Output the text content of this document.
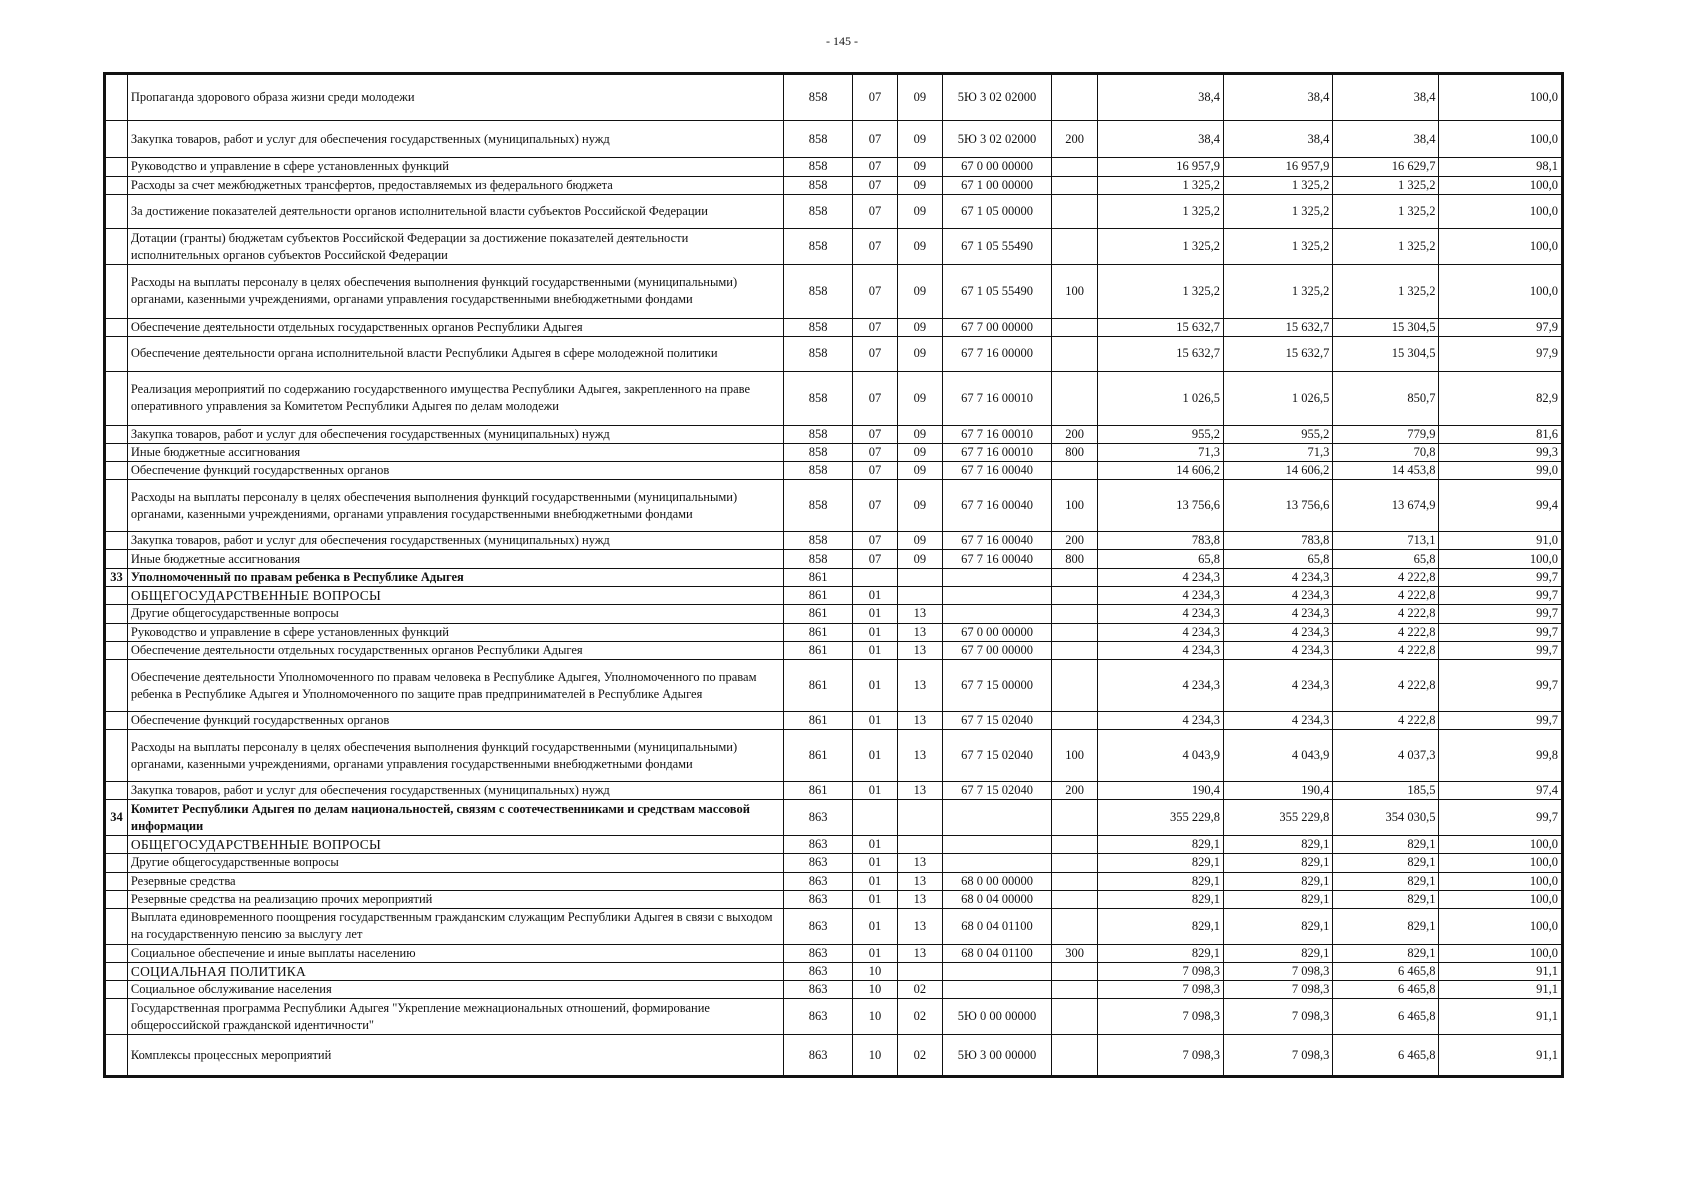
- 145 -
	Пропаганда здорового образа жизни среди молодежи	858	07	09	5Ю 3 02 02000		38,4	38,4	38,4	100,0
	Закупка товаров, работ и услуг для обеспечения государственных (муниципальных) нужд	858	07	09	5Ю 3 02 02000	200	38,4	38,4	38,4	100,0
	Руководство и управление в сфере установленных функций	858	07	09	67 0 00 00000		16 957,9	16 957,9	16 629,7	98,1
	Расходы за счет межбюджетных трансфертов, предоставляемых из федерального бюджета	858	07	09	67 1 00 00000		1 325,2	1 325,2	1 325,2	100,0
	За достижение показателей деятельности органов исполнительной власти субъектов Российской Федерации	858	07	09	67 1 05 00000		1 325,2	1 325,2	1 325,2	100,0
	Дотации (гранты) бюджетам субъектов Российской Федерации за достижение показателей деятельности исполнительных органов субъектов Российской Федерации	858	07	09	67 1 05 55490		1 325,2	1 325,2	1 325,2	100,0
	Расходы на выплаты персоналу в целях обеспечения выполнения функций государственными (муниципальными) органами, казенными учреждениями, органами управления государственными внебюджетными фондами	858	07	09	67 1 05 55490	100	1 325,2	1 325,2	1 325,2	100,0
	Обеспечение деятельности отдельных государственных органов Республики Адыгея	858	07	09	67 7 00 00000		15 632,7	15 632,7	15 304,5	97,9
	Обеспечение деятельности органа исполнительной власти Республики Адыгея в сфере молодежной политики	858	07	09	67 7 16 00000		15 632,7	15 632,7	15 304,5	97,9
	Реализация мероприятий по содержанию государственного имущества Республики Адыгея, закрепленного на праве оперативного управления за Комитетом Республики Адыгея по делам молодежи	858	07	09	67 7 16 00010		1 026,5	1 026,5	850,7	82,9
	Закупка товаров, работ и услуг для обеспечения государственных (муниципальных) нужд	858	07	09	67 7 16 00010	200	955,2	955,2	779,9	81,6
	Иные бюджетные ассигнования	858	07	09	67 7 16 00010	800	71,3	71,3	70,8	99,3
	Обеспечение функций государственных органов	858	07	09	67 7 16 00040		14 606,2	14 606,2	14 453,8	99,0
	Расходы на выплаты персоналу в целях обеспечения выполнения функций государственными (муниципальными) органами, казенными учреждениями, органами управления государственными внебюджетными фондами	858	07	09	67 7 16 00040	100	13 756,6	13 756,6	13 674,9	99,4
	Закупка товаров, работ и услуг для обеспечения государственных (муниципальных) нужд	858	07	09	67 7 16 00040	200	783,8	783,8	713,1	91,0
	Иные бюджетные ассигнования	858	07	09	67 7 16 00040	800	65,8	65,8	65,8	100,0
33	Уполномоченный по правам ребенка в Республике Адыгея	861					4 234,3	4 234,3	4 222,8	99,7
	ОБЩЕГОСУДАРСТВЕННЫЕ ВОПРОСЫ	861	01				4 234,3	4 234,3	4 222,8	99,7
	Другие общегосударственные вопросы	861	01	13			4 234,3	4 234,3	4 222,8	99,7
	Руководство и управление в сфере установленных функций	861	01	13	67 0 00 00000		4 234,3	4 234,3	4 222,8	99,7
	Обеспечение деятельности отдельных государственных органов Республики Адыгея	861	01	13	67 7 00 00000		4 234,3	4 234,3	4 222,8	99,7
	Обеспечение деятельности Уполномоченного по правам человека в Республике Адыгея, Уполномоченного по правам ребенка в Республике Адыгея и Уполномоченного по защите прав предпринимателей в Республике Адыгея	861	01	13	67 7 15 00000		4 234,3	4 234,3	4 222,8	99,7
	Обеспечение функций государственных органов	861	01	13	67 7 15 02040		4 234,3	4 234,3	4 222,8	99,7
	Расходы на выплаты персоналу в целях обеспечения выполнения функций государственными (муниципальными) органами, казенными учреждениями, органами управления государственными внебюджетными фондами	861	01	13	67 7 15 02040	100	4 043,9	4 043,9	4 037,3	99,8
	Закупка товаров, работ и услуг для обеспечения государственных (муниципальных) нужд	861	01	13	67 7 15 02040	200	190,4	190,4	185,5	97,4
34	Комитет Республики Адыгея по делам национальностей, связям с соотечественниками и средствам массовой информации	863					355 229,8	355 229,8	354 030,5	99,7
	ОБЩЕГОСУДАРСТВЕННЫЕ ВОПРОСЫ	863	01				829,1	829,1	829,1	100,0
	Другие общегосударственные вопросы	863	01	13			829,1	829,1	829,1	100,0
	Резервные средства	863	01	13	68 0 00 00000		829,1	829,1	829,1	100,0
	Резервные средства на реализацию прочих мероприятий	863	01	13	68 0 04 00000		829,1	829,1	829,1	100,0
	Выплата единовременного поощрения государственным гражданским служащим Республики Адыгея в связи с выходом на государственную пенсию за выслугу лет	863	01	13	68 0 04 01100		829,1	829,1	829,1	100,0
	Социальное обеспечение и иные выплаты населению	863	01	13	68 0 04 01100	300	829,1	829,1	829,1	100,0
	СОЦИАЛЬНАЯ ПОЛИТИКА	863	10				7 098,3	7 098,3	6 465,8	91,1
	Социальное обслуживание населения	863	10	02			7 098,3	7 098,3	6 465,8	91,1
	Государственная программа Республики Адыгея "Укрепление межнациональных отношений, формирование общероссийской гражданской идентичности"	863	10	02	5Ю 0 00 00000		7 098,3	7 098,3	6 465,8	91,1
	Комплексы процессных мероприятий	863	10	02	5Ю 3 00 00000		7 098,3	7 098,3	6 465,8	91,1
